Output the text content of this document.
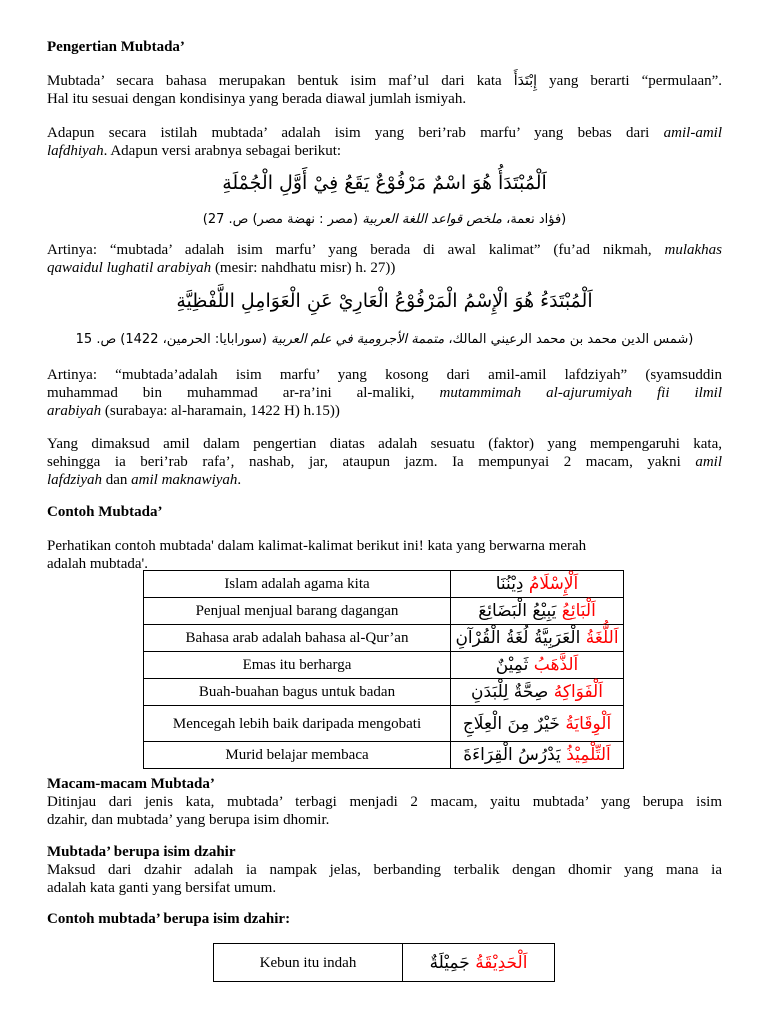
Pengertian Mubtada’
Mubtada’ secara bahasa merupakan bentuk isim maf’ul dari kata إِبْتَدَأَ yang berarti “permulaan”.
Hal itu sesuai dengan kondisinya yang berada diawal jumlah ismiyah.
Adapun secara istilah mubtada’ adalah isim yang beri’rab marfu’ yang bebas dari amil-amil
lafdhiyah. Adapun versi arabnya sebagai berikut:
اَلْمُبْتَدَأُ هُوَ اسْمٌ مَرْفُوْعٌ يَقَعُ فِيْ أَوَّلِ الْجُمْلَةِ
(فؤاد نعمة، ملخص قواعد اللغة العربية (مصر : نهضة مصر) ص. 27)
Artinya: “mubtada’ adalah isim marfu’ yang berada di awal kalimat” (fu’ad nikmah, mulakhas
qawaidul lughatil arabiyah (mesir: nahdhatu misr) h. 27))
اَلْمُبْتَدَءُ هُوَ الْإِسْمُ الْمَرْفُوْعُ الْعَارِيْ عَنِ الْعَوَامِلِ اللَّفْظِيَّةِ
(شمس الدين محمد بن محمد الرعيني المالك، متممة الأجرومية في علم العربية (سورابايا: الحرمين، 1422) ص. 15
Artinya: “mubtada’adalah isim marfu’ yang kosong dari amil-amil lafdziyah” (syamsuddin
muhammad bin muhammad ar-ra’ini al-maliki, mutammimah al-ajurumiyah fii ilmil
arabiyah (surabaya: al-haramain, 1422 H) h.15))
Yang dimaksud amil dalam pengertian diatas adalah sesuatu (faktor) yang mempengaruhi kata,
sehingga ia beri’rab rafa’, nashab, jar, ataupun jazm. Ia mempunyai 2 macam, yakni amil
lafdziyah dan amil maknawiyah.
Contoh Mubtada’
Perhatikan contoh mubtada' dalam kalimat-kalimat berikut ini! kata yang berwarna merah
adalah mubtada'.
Islam adalah agama kita	اَلْإِسْلَامُ دِيْنُنَا
Penjual menjual barang dagangan	اَلْبَائِعُ يَبِيْعُ الْبَضَائِعَ
Bahasa arab adalah bahasa al-Qur’an	اَللُّغَةُ الْعَرَبِيَّةُ لُغَةُ الْقُرْآنِ
Emas itu berharga	اَلذَّهَبُ ثَمِيْنٌ
Buah-buahan bagus untuk badan	اَلْفَوَاكِهُ صِحَّةٌ لِلْبَدَنِ
Mencegah lebih baik daripada mengobati	اَلْوِقَايَةُ خَيْرٌ مِنَ الْعِلَاجِ
Murid belajar membaca	اَلتِّلْمِيْذُ يَدْرُسُ الْقِرَاءَةَ
Macam-macam Mubtada’
Ditinjau dari jenis kata, mubtada’ terbagi menjadi 2 macam, yaitu mubtada’ yang berupa isim
dzahir, dan mubtada’ yang berupa isim dhomir.
Mubtada’ berupa isim dzahir
Maksud dari dzahir adalah ia nampak jelas, berbanding terbalik dengan dhomir yang mana ia
adalah kata ganti yang bersifat umum.
Contoh mubtada’ berupa isim dzahir:
Kebun itu indah	اَلْحَدِيْقَةُ جَمِيْلَةٌ
